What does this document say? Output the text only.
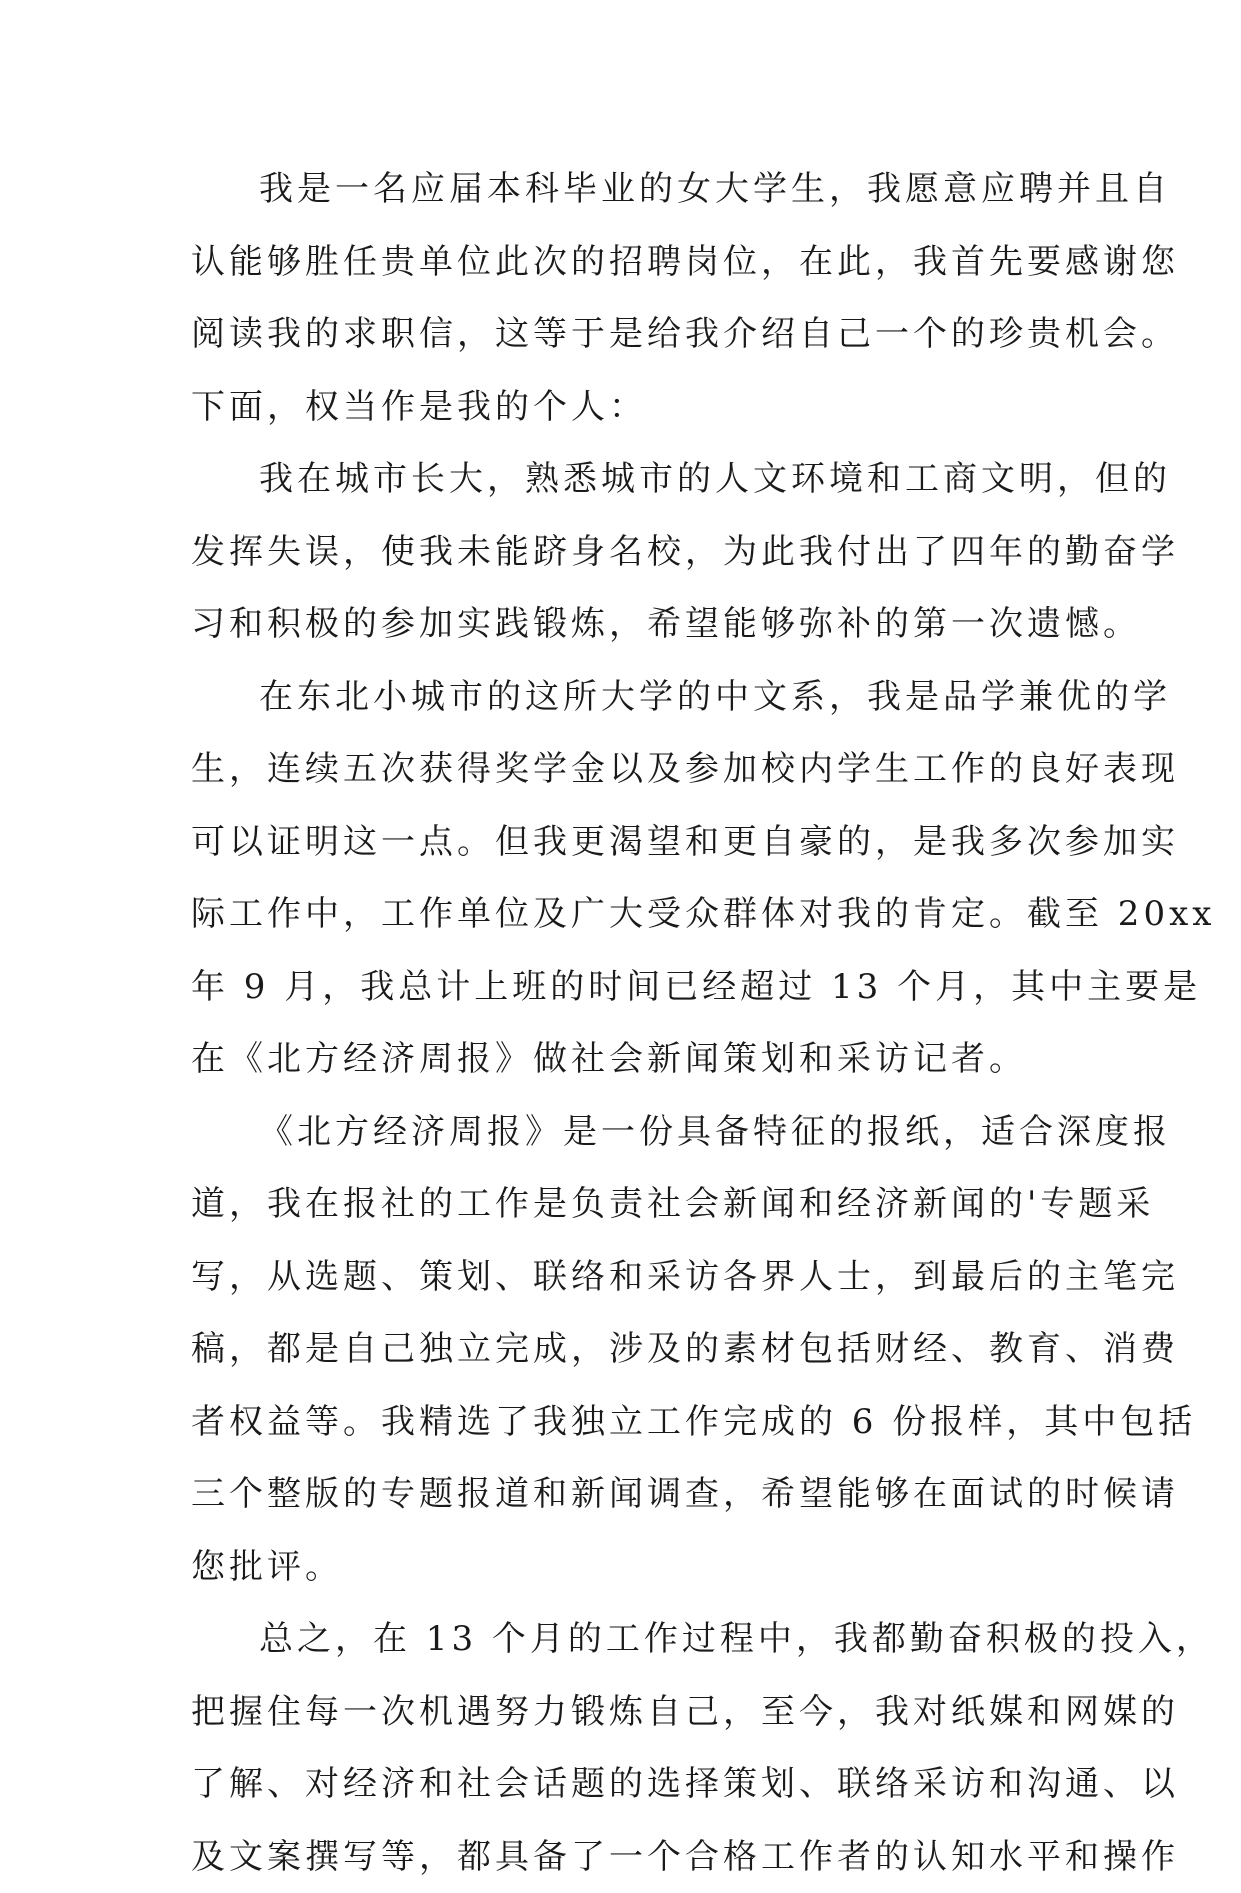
我是一名应届本科毕业的女大学生，我愿意应聘并且自
认能够胜任贵单位此次的招聘岗位，在此，我首先要感谢您
阅读我的求职信，这等于是给我介绍自己一个的珍贵机会。
下面，权当作是我的个人：
我在城市长大，熟悉城市的人文环境和工商文明，但的
发挥失误，使我未能跻身名校，为此我付出了四年的勤奋学
习和积极的参加实践锻炼，希望能够弥补的第一次遗憾。
在东北小城市的这所大学的中文系，我是品学兼优的学
生，连续五次获得奖学金以及参加校内学生工作的良好表现
可以证明这一点。但我更渴望和更自豪的，是我多次参加实
际工作中，工作单位及广大受众群体对我的肯定。截至 20xx
年 9 月，我总计上班的时间已经超过 13 个月，其中主要是
在《北方经济周报》做社会新闻策划和采访记者。
《北方经济周报》是一份具备特征的报纸，适合深度报
道，我在报社的工作是负责社会新闻和经济新闻的'专题采
写，从选题、策划、联络和采访各界人士，到最后的主笔完
稿，都是自己独立完成，涉及的素材包括财经、教育、消费
者权益等。我精选了我独立工作完成的 6 份报样，其中包括
三个整版的专题报道和新闻调查，希望能够在面试的时候请
您批评。
总之，在 13 个月的工作过程中，我都勤奋积极的投入，
把握住每一次机遇努力锻炼自己，至今，我对纸媒和网媒的
了解、对经济和社会话题的选择策划、联络采访和沟通、以
及文案撰写等，都具备了一个合格工作者的认知水平和操作
